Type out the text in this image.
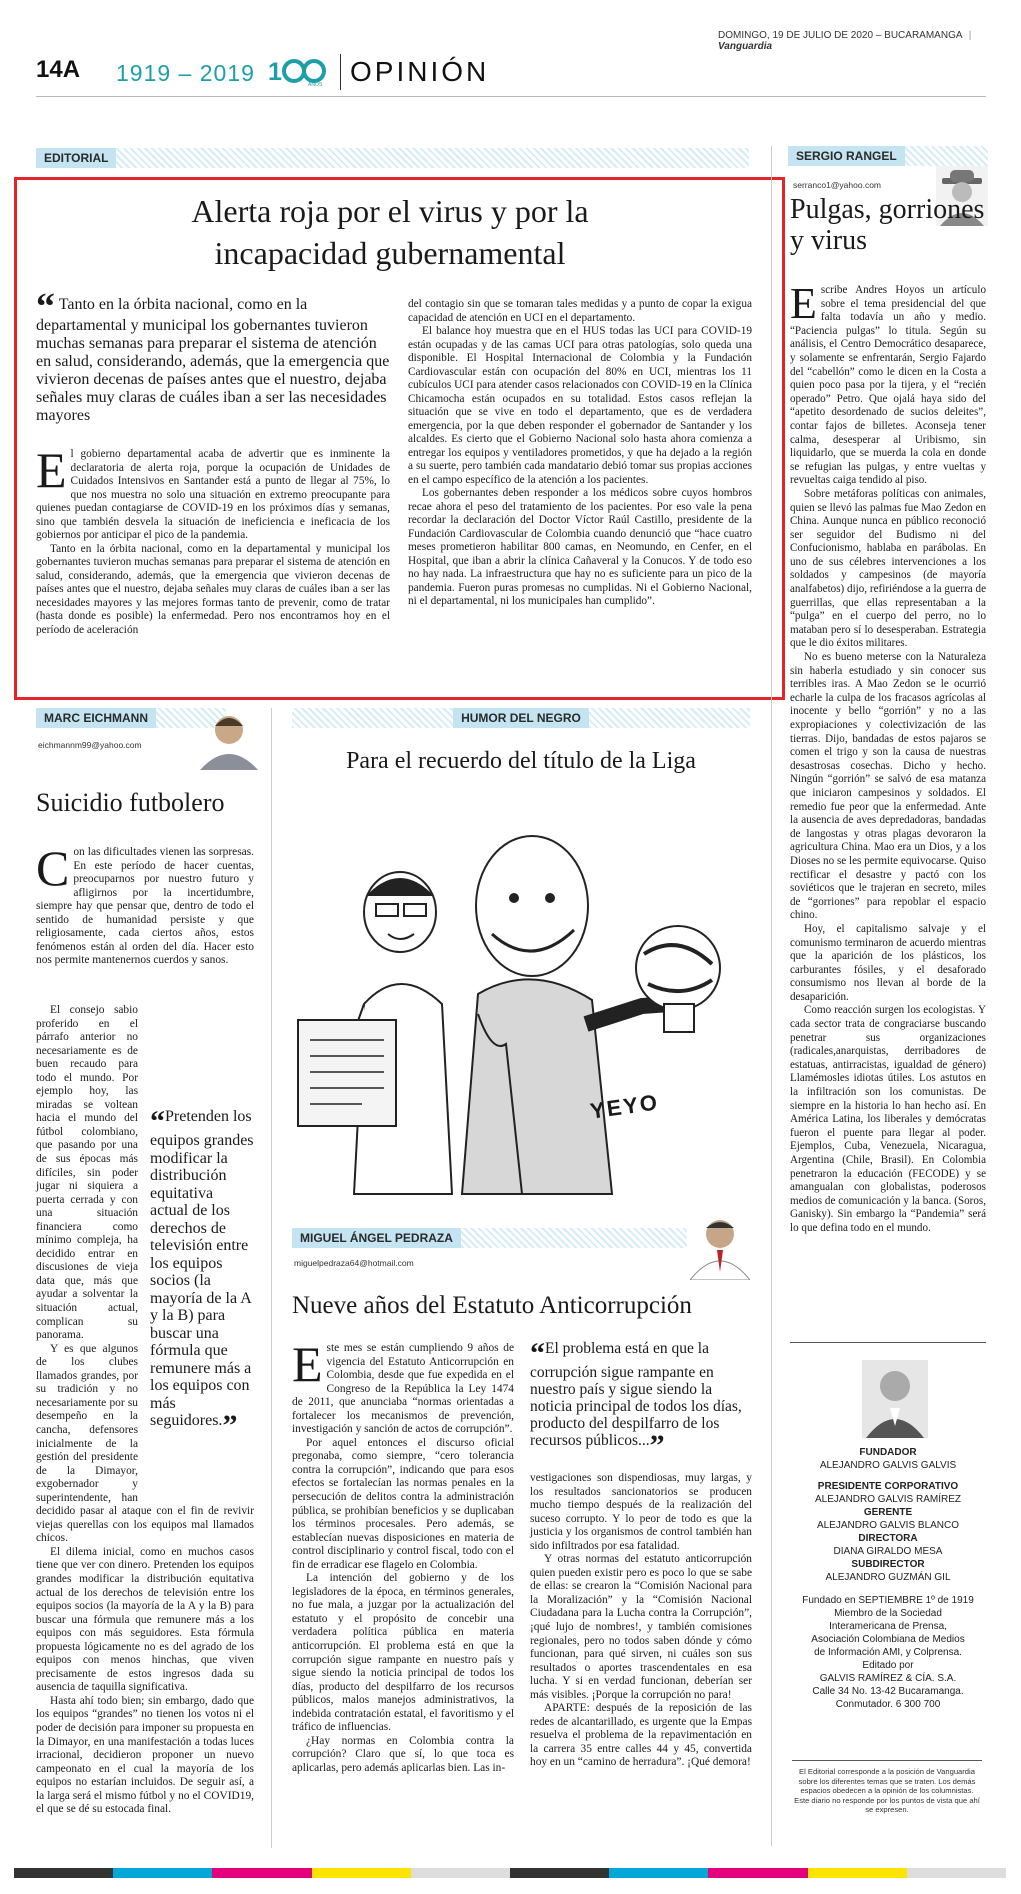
DOMINGO, 19 DE JULIO DE 2020 – BUCARAMANGA | Vanguardia
14A 1919 – 2019 1	AÑOS OPINIÓN
EDITORIAL
Alerta roja por el virus y por la incapacidad gubernamental
“ Tanto en la órbita nacional, como en la departamental y municipal los gobernantes tuvieron muchas semanas para preparar el sistema de atención en salud, considerando, además, que la emergencia que vivieron decenas de países antes que el nuestro, dejaba señales muy claras de cuáles iban a ser las necesidades mayores
E l gobierno departamental acaba de advertir que es inminente la declaratoria de alerta roja, porque la ocupación de Unidades de Cuidados Intensivos en Santander está a punto de llegar al 75%, lo que nos muestra no solo una situación en extremo preocupante para quienes puedan contagiarse de COVID-19 en los próximos días y semanas, sino que también desvela la situación de ineficiencia e ineficacia de los gobiernos por anticipar el pico de la pandemia.

Tanto en la órbita nacional, como en la departamental y municipal los gobernantes tuvieron muchas semanas para preparar el sistema de atención en salud, considerando, además, que la emergencia que vivieron decenas de países antes que el nuestro, dejaba señales muy claras de cuáles iban a ser las necesidades mayores y las mejores formas tanto de prevenir, como de tratar (hasta donde es posible) la enfermedad. Pero nos encontramos hoy en el período de aceleración

del contagio sin que se tomaran tales medidas y a punto de copar la exigua capacidad de atención en UCI en el departamento.

El balance hoy muestra que en el HUS todas las UCI para COVID-19 están ocupadas y de las camas UCI para otras patologías, solo queda una disponible. El Hospital Internacional de Colombia y la Fundación Cardiovascular están con ocupación del 80% en UCI, mientras los 11 cubículos UCI para atender casos relacionados con COVID-19 en la Clínica Chicamocha están ocupados en su totalidad. Estos casos reflejan la situación que se vive en todo el departamento, que es de verdadera emergencia, por la que deben responder el gobernador de Santander y los alcaldes. Es cierto que el Gobierno Nacional solo hasta ahora comienza a entregar los equipos y ventiladores prometidos, y que ha dejado a la región a su suerte, pero también cada mandatario debió tomar sus propias acciones en el campo específico de la atención a los pacientes.

Los gobernantes deben responder a los médicos sobre cuyos hombros recae ahora el peso del tratamiento de los pacientes. Por eso vale la pena recordar la declaración del Doctor Víctor Raúl Castillo, presidente de la Fundación Cardiovascular de Colombia cuando denunció que “hace cuatro meses prometieron habilitar 800 camas, en Neomundo, en Cenfer, en el Hospital, que iban a abrir la clínica Cañaveral y la Conucos. Y de todo eso no hay nada. La infraestructura que hay no es suficiente para un pico de la pandemia. Fueron puras promesas no cumplidas. Ni el Gobierno Nacional, ni el departamental, ni los municipales han cumplido”.

SERGIO RANGEL
serranco1@yahoo.com
Pulgas, gorriones y virus
E scribe Andres Hoyos un artículo sobre el tema presidencial del que falta todavía un año y medio. “Paciencia pulgas” lo titula. Según su análisis, el Centro Democrático desaparece, y solamente se enfrentarán, Sergio Fajardo del “cabellón” como le dicen en la Costa a quien poco pasa por la tijera, y el “recién operado” Petro. Que ojalá haya sido del “apetito desordenado de sucios deleites”, contar fajos de billetes. Aconseja tener calma, desesperar al Uribismo, sin liquidarlo, que se muerda la cola en donde se refugian las pulgas, y entre vueltas y revueltas caiga tendido al piso.

Sobre metáforas políticas con animales, quien se llevó las palmas fue Mao Zedon en China. Aunque nunca en público reconoció ser seguidor del Budismo ni del Confucionismo, hablaba en parábolas. En uno de sus célebres intervenciones a los soldados y campesinos (de mayoría analfabetos) dijo, refiriéndose a la guerra de guerrillas, que ellas representaban a la “pulga” en el cuerpo del perro, no lo mataban pero sí lo desesperaban. Estrategia que le dio éxitos militares.

No es bueno meterse con la Naturaleza sin haberla estudiado y sin conocer sus terribles iras. A Mao Zedon se le ocurrió echarle la culpa de los fracasos agrícolas al inocente y bello “gorrión” y no a las expropiaciones y colectivización de las tierras. Dijo, bandadas de estos pajaros se comen el trigo y son la causa de nuestras desastrosas cosechas. Dicho y hecho. Ningún “gorrión” se salvó de esa matanza que iniciaron campesinos y soldados. El remedio fue peor que la enfermedad. Ante la ausencia de aves depredadoras, bandadas de langostas y otras plagas devoraron la agricultura China. Mao era un Dios, y a los Dioses no se les permite equivocarse. Quiso rectificar el desastre y pactó con los soviéticos que le trajeran en secreto, miles de “gorriones” para repoblar el espacio chino.

Hoy, el capitalismo salvaje y el comunismo terminaron de acuerdo mientras que la aparición de los plásticos, los carburantes fósiles, y el desaforado consumismo nos llevan al borde de la desaparición.

Como reacción surgen los ecologistas. Y cada sector trata de congraciarse buscando penetrar sus organizaciones (radicales,anarquistas, derribadores de estatuas, antirracistas, igualdad de género) Llamémosles idiotas útiles. Los astutos en la infiltración son los comunistas. De siempre en la historia lo han hecho así. En América Latina, los liberales y demócratas fueron el puente para llegar al poder. Ejemplos, Cuba, Venezuela, Nicaragua, Argentina (Chile, Brasil). En Colombia penetraron la educación (FECODE) y se amangualan con globalistas, poderosos medios de comunicación y la banca. (Soros, Ganisky). Sin embargo la “Pandemia” será lo que defina todo en el mundo.

FUNDADOR

ALEJANDRO GALVIS GALVIS

PRESIDENTE CORPORATIVO

ALEJANDRO GALVIS RAMÍREZ

GERENTE

ALEJANDRO GALVIS BLANCO

DIRECTORA

DIANA GIRALDO MESA

SUBDIRECTOR

ALEJANDRO GUZMÁN GIL

Fundado en SEPTIEMBRE 1º de 1919

Miembro de la Sociedad

Interamericana de Prensa,

Asociación Colombiana de Medios

de Información AMI, y Colprensa.

Editado por

GALVIS RAMÍREZ & CÍA. S.A.

Calle 34 No. 13-42 Bucaramanga.

Conmutador. 6 300 700

El Editorial corresponde a la posición de Vanguardia sobre los diferentes temas que se traten. Los demás espacios obedecen a la opinión de los columnistas. Este diario no responde por los puntos de vista que ahí se expresen.
MARC EICHMANN
eichmannm99@yahoo.com
Suicidio futbolero
C on las dificultades vienen las sorpresas. En este período de hacer cuentas, preocuparnos por nuestro futuro y afligirnos por la incertidumbre, siempre hay que pensar que, dentro de todo el sentido de humanidad persiste y que religiosamente, cada ciertos años, estos fenómenos están al orden del día. Hacer esto nos permite mantenernos cuerdos y sanos.

“Pretenden los equipos grandes modificar la distribución equitativa actual de los derechos de televisión entre los equipos socios (la mayoría de la A y la B) para buscar una fórmula que remunere más a los equipos con más seguidores.”

El consejo sabio proferido en el párrafo anterior no necesariamente es de buen recaudo para todo el mundo. Por ejemplo hoy, las miradas se voltean hacia el mundo del fútbol colombiano, que pasando por una de sus épocas más difíciles, sin poder jugar ni siquiera a puerta cerrada y con una situación financiera como mínimo compleja, ha decidido entrar en discusiones de vieja data que, más que ayudar a solventar la situación actual, complican su panorama.

Y es que algunos de los clubes llamados grandes, por su tradición y no necesariamente por su desempeño en la cancha, defensores inicialmente de la gestión del presidente de la Dimayor, exgobernador y superintendente, han decidido pasar al ataque con el fin de revivir viejas querellas con los equipos mal llamados chicos.

El dilema inicial, como en muchos casos tiene que ver con dinero. Pretenden los equipos grandes modificar la distribución equitativa actual de los derechos de televisión entre los equipos socios (la mayoría de la A y la B) para buscar una fórmula que remunere más a los equipos con más seguidores. Esta fórmula propuesta lógicamente no es del agrado de los equipos con menos hinchas, que viven precisamente de estos ingresos dada su ausencia de taquilla significativa.

Hasta ahí todo bien; sin embargo, dado que los equipos “grandes” no tienen los votos ni el poder de decisión para imponer su propuesta en la Dimayor, en una manifestación a todas luces irracional, decidieron proponer un nuevo campeonato en el cual la mayoría de los equipos no estarían incluidos. De seguir así, a la larga será el mismo fútbol y no el COVID19, el que se dé su estocada final.

HUMOR DEL NEGRO
Para el recuerdo del título de la Liga
YEYO
MIGUEL ÁNGEL PEDRAZA
miguelpedraza64@hotmail.com
Nueve años del Estatuto Anticorrupción
“El problema está en que la corrupción sigue rampante en nuestro país y sigue siendo la noticia principal de todos los días, producto del despilfarro de los recursos públicos...”
E ste mes se están cumpliendo 9 años de vigencia del Estatuto Anticorrupción en Colombia, desde que fue expedida en el Congreso de la República la Ley 1474 de 2011, que anunciaba “normas orientadas a fortalecer los mecanismos de prevención, investigación y sanción de actos de corrupción”.

Por aquel entonces el discurso oficial pregonaba, como siempre, “cero tolerancia contra la corrupción”, indicando que para esos efectos se fortalecían las normas penales en la persecución de delitos contra la administración pública, se prohibían beneficios y se duplicaban los términos procesales. Pero además, se establecían nuevas disposiciones en materia de control disciplinario y control fiscal, todo con el fin de erradicar ese flagelo en Colombia.

La intención del gobierno y de los legisladores de la época, en términos generales, no fue mala, a juzgar por la actualización del estatuto y el propósito de concebir una verdadera política pública en materia anticorrupción. El problema está en que la corrupción sigue rampante en nuestro país y sigue siendo la noticia principal de todos los días, producto del despilfarro de los recursos públicos, malos manejos administrativos, la indebida contratación estatal, el favoritismo y el tráfico de influencias.

¿Hay normas en Colombia contra la corrupción? Claro que sí, lo que toca es aplicarlas, pero además aplicarlas bien. Las in-

vestigaciones son dispendiosas, muy largas, y los resultados sancionatorios se producen mucho tiempo después de la realización del suceso corrupto. Y lo peor de todo es que la justicia y los organismos de control también han sido infiltrados por esa fatalidad.

Y otras normas del estatuto anticorrupción quien pueden existir pero es poco lo que se sabe de ellas: se crearon la “Comisión Nacional para la Moralización” y la “Comisión Nacional Ciudadana para la Lucha contra la Corrupción”, ¡qué lujo de nombres!, y también comisiones regionales, pero no todos saben dónde y cómo funcionan, para qué sirven, ni cuáles son sus resultados o aportes trascendentales en esa lucha. Y si en verdad funcionan, deberían ser más visibles. ¡Porque la corrupción no para!

APARTE: después de la reposición de las redes de alcantarillado, es urgente que la Empas resuelva el problema de la repavimentación en la carrera 35 entre calles 44 y 45, convertida hoy en un “camino de herradura”. ¡Qué demora!
